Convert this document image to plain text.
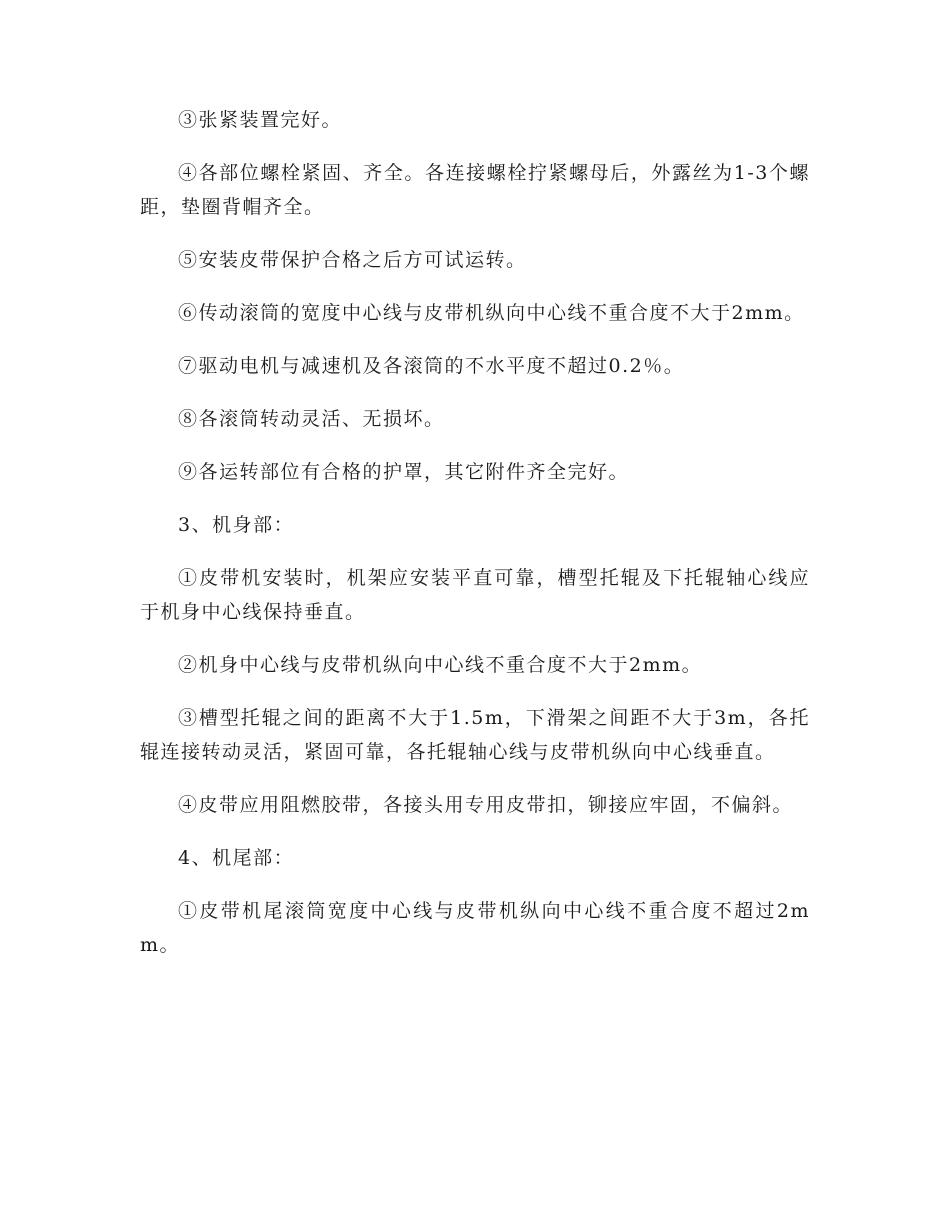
③张紧装置完好。

④各部位螺栓紧固、齐全。各连接螺栓拧紧螺母后，外露丝为1-3个螺距，垫圈背帽齐全。

⑤安装皮带保护合格之后方可试运转。

⑥传动滚筒的宽度中心线与皮带机纵向中心线不重合度不大于2mm。

⑦驱动电机与减速机及各滚筒的不水平度不超过0.2％。

⑧各滚筒转动灵活、无损坏。

⑨各运转部位有合格的护罩，其它附件齐全完好。

3、机身部：

①皮带机安装时，机架应安装平直可靠，槽型托辊及下托辊轴心线应于机身中心线保持垂直。

②机身中心线与皮带机纵向中心线不重合度不大于2mm。

③槽型托辊之间的距离不大于1.5m，下滑架之间距不大于3m，各托辊连接转动灵活，紧固可靠，各托辊轴心线与皮带机纵向中心线垂直。

④皮带应用阻燃胶带，各接头用专用皮带扣，铆接应牢固，不偏斜。

4、机尾部：

①皮带机尾滚筒宽度中心线与皮带机纵向中心线不重合度不超过2mm。
